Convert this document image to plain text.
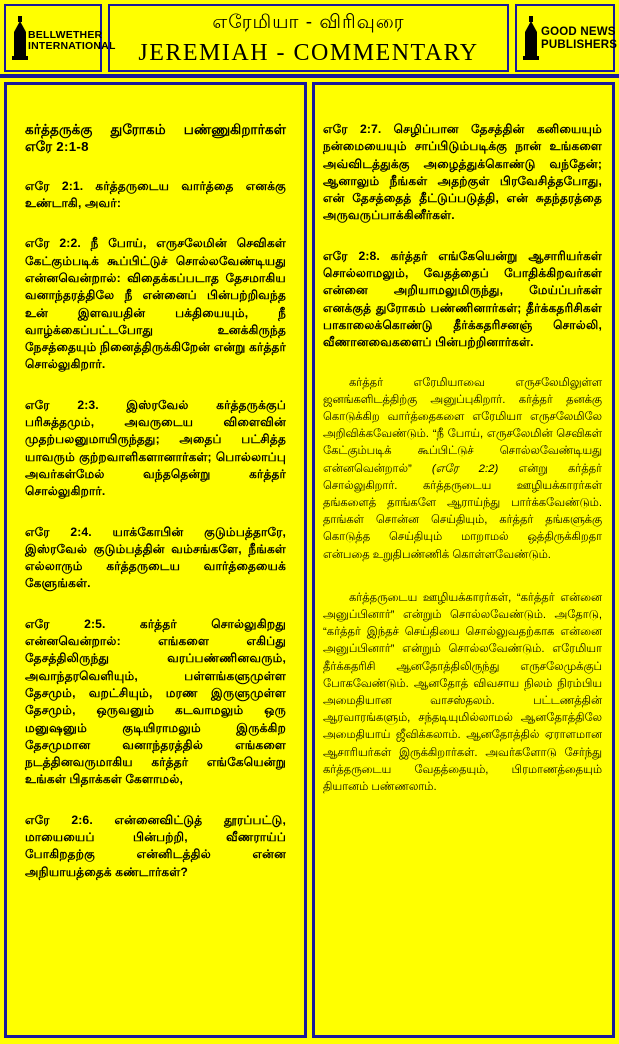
BELLWETHER
INTERNATIONAL
எரேமியா - விரிவுரை
JEREMIAH - COMMENTARY
GOOD NEWS
PUBLISHERS

கர்த்தருக்கு துரோகம் பண்ணுகிறார்கள் எரே 2:1-8

எரே 2:1. கர்த்தருடைய வார்த்தை எனக்கு உண்டாகி, அவர்:

எரே 2:2. நீ போய், எருசலேமின் செவிகள் கேட்கும்படிக் கூப்பிட்டுச் சொல்லவேண்டியது என்னவென்றால்: விதைக்கப்படாத தேசமாகிய வனாந்தரத்திலே நீ என்னைப் பின்பற்றிவந்த உன் இளவயதின் பக்தியையும், நீ வாழ்க்கைப்பட்டபோது உனக்கிருந்த நேசத்தையும் நினைத்திருக்கிறேன் என்று கர்த்தர் சொல்லுகிறார்.

எரே 2:3. இஸ்ரவேல் கர்த்தருக்குப் பரிசுத்தமும், அவருடைய விளைவின் முதற்பலனுமாயிருந்தது; அதைப் பட்சித்த யாவரும் குற்றவாளிகளானார்கள்; பொல்லாப்பு அவர்கள்மேல் வந்ததென்று கர்த்தர் சொல்லுகிறார்.

எரே 2:4. யாக்கோபின் குடும்பத்தாரே, இஸ்ரவேல் குடும்பத்தின் வம்சங்களே, நீங்கள் எல்லாரும் கர்த்தருடைய வார்த்தையைக் கேளுங்கள்.

எரே 2:5. கர்த்தர் சொல்லுகிறது என்னவென்றால்: எங்களை எகிப்து தேசத்திலிருந்து வரப்பண்ணினவரும், அவாந்தரவெளியும், பள்ளங்களுமுள்ள தேசமும், வறட்சியும், மரண இருளுமுள்ள தேசமும், ஒருவனும் கடவாமலும் ஒரு மனுஷனும் குடியிராமலும் இருக்கிற தேசமுமான வனாந்தரத்தில் எங்களை நடத்தினவருமாகிய கர்த்தர் எங்கேயென்று உங்கள் பிதாக்கள் கேளாமல்,

எரே 2:6. என்னைவிட்டுத் தூரப்பட்டு, மாயையைப் பின்பற்றி, வீணராய்ப் போகிறதற்கு என்னிடத்தில் என்ன அநியாயத்தைக் கண்டார்கள்?

எரே 2:7. செழிப்பான தேசத்தின் கனியையும் நன்மையையும் சாப்பிடும்படிக்கு நான் உங்களை அவ்விடத்துக்கு அழைத்துக்கொண்டு வந்தேன்; ஆனாலும் நீங்கள் அதற்குள் பிரவேசித்தபோது, என் தேசத்தைத் தீட்டுப்படுத்தி, என் சுதந்தரத்தை அருவருப்பாக்கினீர்கள்.

எரே 2:8. கர்த்தர் எங்கேயென்று ஆசாரியர்கள் சொல்லாமலும், வேதத்தைப் போதிக்கிறவர்கள் என்னை அறியாமலுமிருந்து, மேய்ப்பர்கள் எனக்குத் துரோகம் பண்ணினார்கள்; தீர்க்கதரிசிகள் பாகாலைக்கொண்டு தீர்க்கதரிசனஞ் சொல்லி, வீணானவைகளைப் பின்பற்றினார்கள்.

கர்த்தர் எரேமியாவை எருசலேமிலுள்ள ஜனங்களிடத்திற்கு அனுப்புகிறார். கர்த்தர் தனக்கு கொடுக்கிற வார்த்தைகளை எரேமியா எருசலேமிலே அறிவிக்கவேண்டும். “நீ போய், எருசலேமின் செவிகள் கேட்கும்படிக் கூப்பிட்டுச் சொல்லவேண்டியது என்னவென்றால்” (எரே 2:2) என்று கர்த்தர் சொல்லுகிறார். கர்த்தருடைய ஊழியக்காரர்கள் தங்களைத் தாங்களே ஆராய்ந்து பார்க்கவேண்டும். தாங்கள் சொன்ன செய்தியும், கர்த்தர் தங்களுக்கு கொடுத்த செய்தியும் மாறாமல் ஒத்திருக்கிறதா என்பதை உறுதிபண்ணிக் கொள்ளவேண்டும்.

கர்த்தருடைய ஊழியக்காரர்கள், “கர்த்தர் என்னை அனுப்பினார்” என்றும் சொல்லவேண்டும். அதோடு, “கர்த்தர் இந்தச் செய்தியை சொல்லுவதற்காக என்னை அனுப்பினார்” என்றும் சொல்லவேண்டும். எரேமியா தீர்க்கதரிசி ஆனதோத்திலிருந்து எருசலேமுக்குப் போகவேண்டும். ஆனதோத் விவசாய நிலம் நிரம்பிய அமைதியான வாசஸ்தலம். பட்டணத்தின் ஆரவாரங்களும், சந்தடியுமில்லாமல் ஆனதோத்திலே அமைதியாய் ஜீவிக்கலாம். ஆனதோத்தில் ஏராளமான ஆசாரியர்கள் இருக்கிறார்கள். அவர்களோடு சேர்ந்து கர்த்தருடைய வேதத்தையும், பிரமாணத்தையும் தியானம் பண்ணலாம்.
